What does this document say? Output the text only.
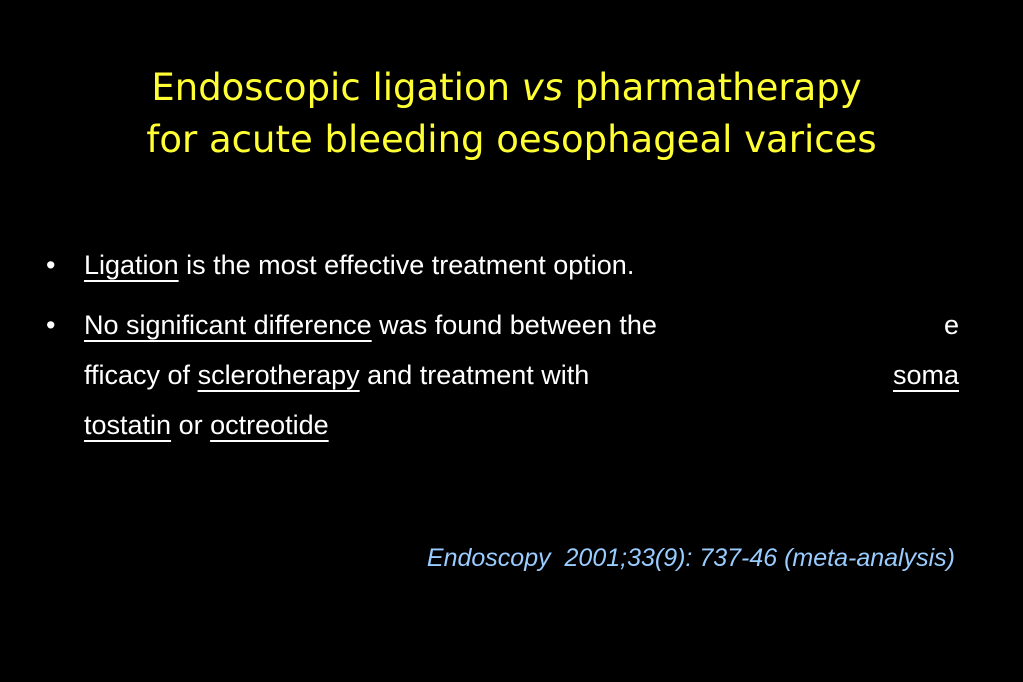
Endoscopic ligation vs pharmatherapy
for acute bleeding oesophageal varices
• Ligation is the most effective treatment option.
• No significant difference was found between the	e
fficacy of sclerotherapy and treatment with	soma
tostatin or octreotide
Endoscopy  2001;33(9): 737-46 (meta-analysis)
